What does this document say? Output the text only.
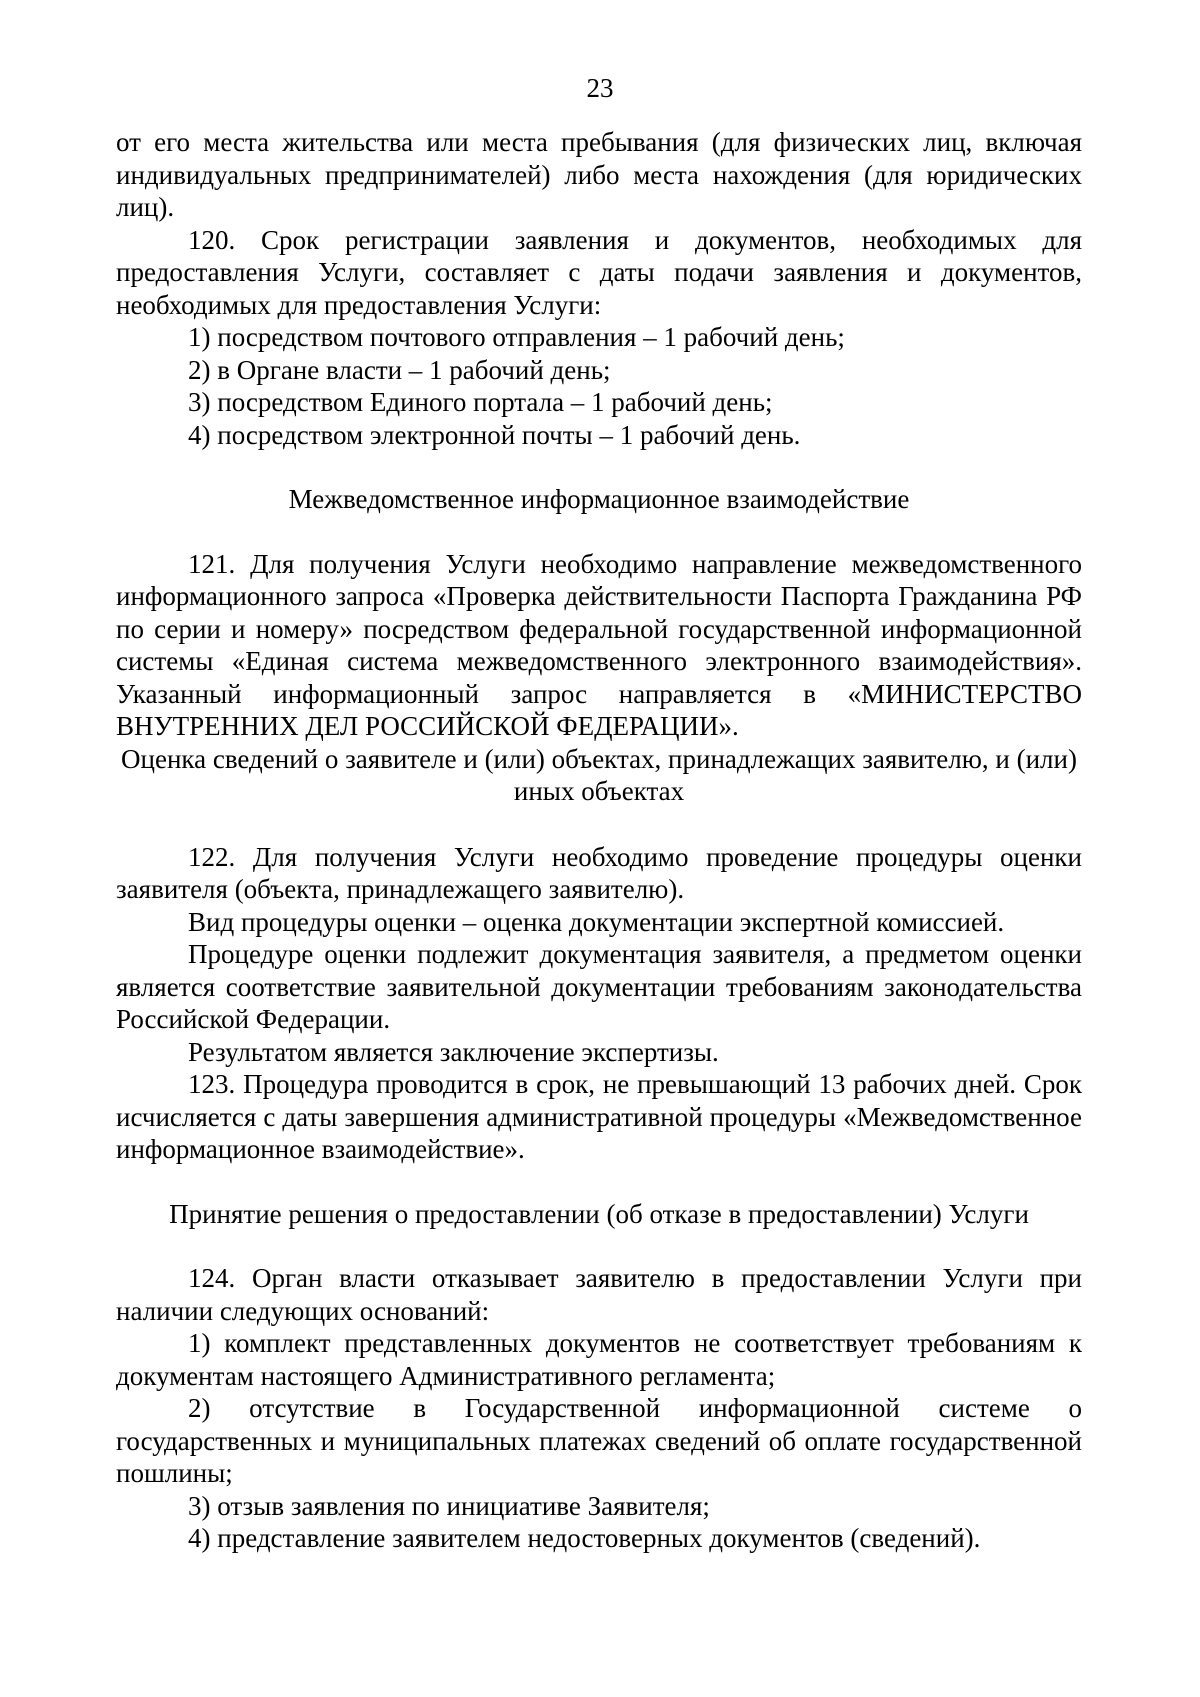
23

от его места жительства или места пребывания (для физических лиц, включая индивидуальных предпринимателей) либо места нахождения (для юридических лиц).

120. Срок регистрации заявления и документов, необходимых для предоставления Услуги, составляет с даты подачи заявления и документов, необходимых для предоставления Услуги:

1) посредством почтового отправления – 1 рабочий день;

2) в Органе власти – 1 рабочий день;

3) посредством Единого портала – 1 рабочий день;

4) посредством электронной почты – 1 рабочий день.

Межведомственное информационное взаимодействие

121. Для получения Услуги необходимо направление межведомственного информационного запроса «Проверка действительности Паспорта Гражданина РФ по серии и номеру» посредством федеральной государственной информационной системы «Единая система межведомственного электронного взаимодействия». Указанный информационный запрос направляется в «МИНИСТЕРСТВО ВНУТРЕННИХ ДЕЛ РОССИЙСКОЙ ФЕДЕРАЦИИ».

Оценка сведений о заявителе и (или) объектах, принадлежащих заявителю, и (или) иных объектах

122. Для получения Услуги необходимо проведение процедуры оценки заявителя (объекта, принадлежащего заявителю).

Вид процедуры оценки – оценка документации экспертной комиссией.

Процедуре оценки подлежит документация заявителя, а предметом оценки является соответствие заявительной документации требованиям законодательства Российской Федерации.

Результатом является заключение экспертизы.

123. Процедура проводится в срок, не превышающий 13 рабочих дней. Срок исчисляется с даты завершения административной процедуры «Межведомственное информационное взаимодействие».

Принятие решения о предоставлении (об отказе в предоставлении) Услуги

124. Орган власти отказывает заявителю в предоставлении Услуги при наличии следующих оснований:

1) комплект представленных документов не соответствует требованиям к документам настоящего Административного регламента;

2) отсутствие в Государственной информационной системе о государственных и муниципальных платежах сведений об оплате государственной пошлины;

3) отзыв заявления по инициативе Заявителя;

4) представление заявителем недостоверных документов (сведений).
